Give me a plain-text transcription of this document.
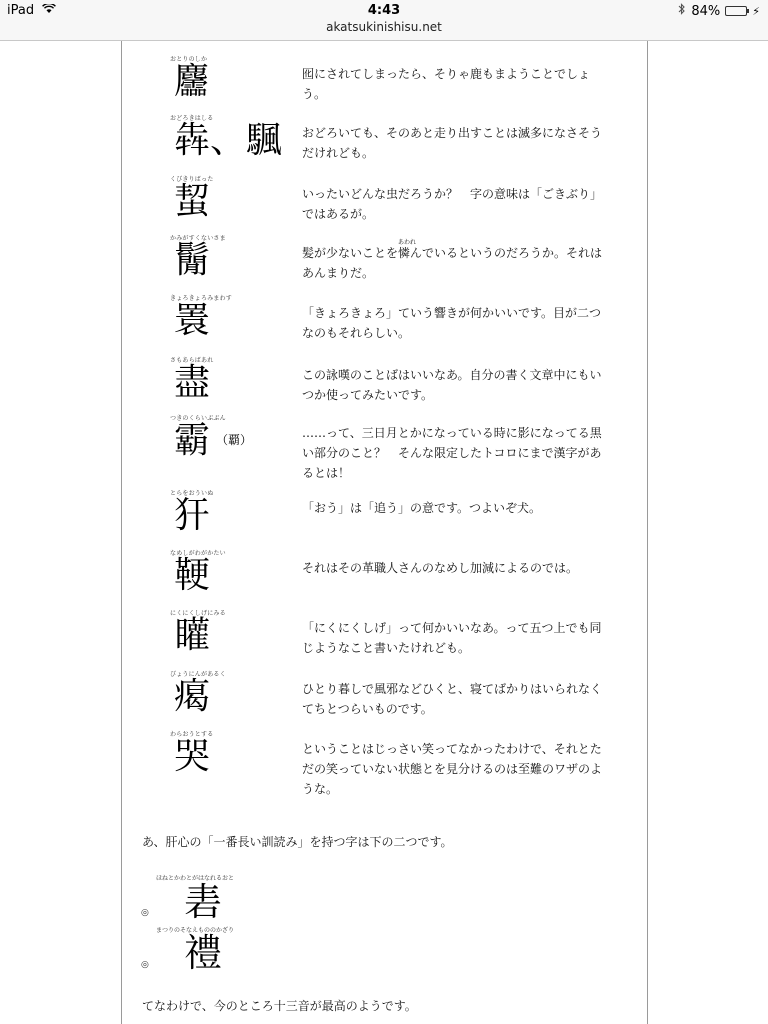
iPad	4:43
akatsukinishisu.net
84%	⚡
おとりのしか
麢	囮にされてしまったら、そりゃ鹿もまようことでしょう。
おどろきはしる
犇、颿 おどろいても、そのあと走り出すことは滅多になさそうだけれども。
くびきりばった
蛪	いったいどんな虫だろうか？　字の意味は「ごきぶり」ではあるが。
かみがすくないさま
鬜	髪が少ないことを
あわれ
憐んでいるというのだろうか。それはあんまりだ。
きょろきょろみまわす
瞏	「きょろきょろ」ていう響きが何かいいです。目が二つなのもそれらしい。
さもあらばあれ
盡	この詠嘆のことばはいいなあ。自分の書く文章中にもいつか使ってみたいです。
つきのくらいぶぶん
霸 $^{(覇)}$	……って、三日月とかになっている時に影になってる黒い部分のこと？　そんな限定したトコロにまで漢字があるとは！
とらをおういぬ
犴	「おう」は「追う」の意です。つよいぞ犬。
なめしがわがかたい
鞕	それはその革職人さんのなめし加減によるのでは。
にくにくしげにみる
矔	「にくにくしげ」って何かいいなあ。って五つ上でも同じようなこと書いたけれども。
びょうにんがあるく
𤸎	ひとり暮しで風邪などひくと、寝てばかりはいられなくてちとつらいものです。
わらおうとする
哭	ということはじっさい笑ってなかったわけで、それとただの笑っていない状態とを見分けるのは至難のワザのような。
あ、肝心の「一番長い訓読み」を持つ字は下の二つです。
◎
ほねとかわとがはなれるおと
砉
◎
まつりのそなえもののかざり
禮
てなわけで、今のところ十三音が最高のようです。
